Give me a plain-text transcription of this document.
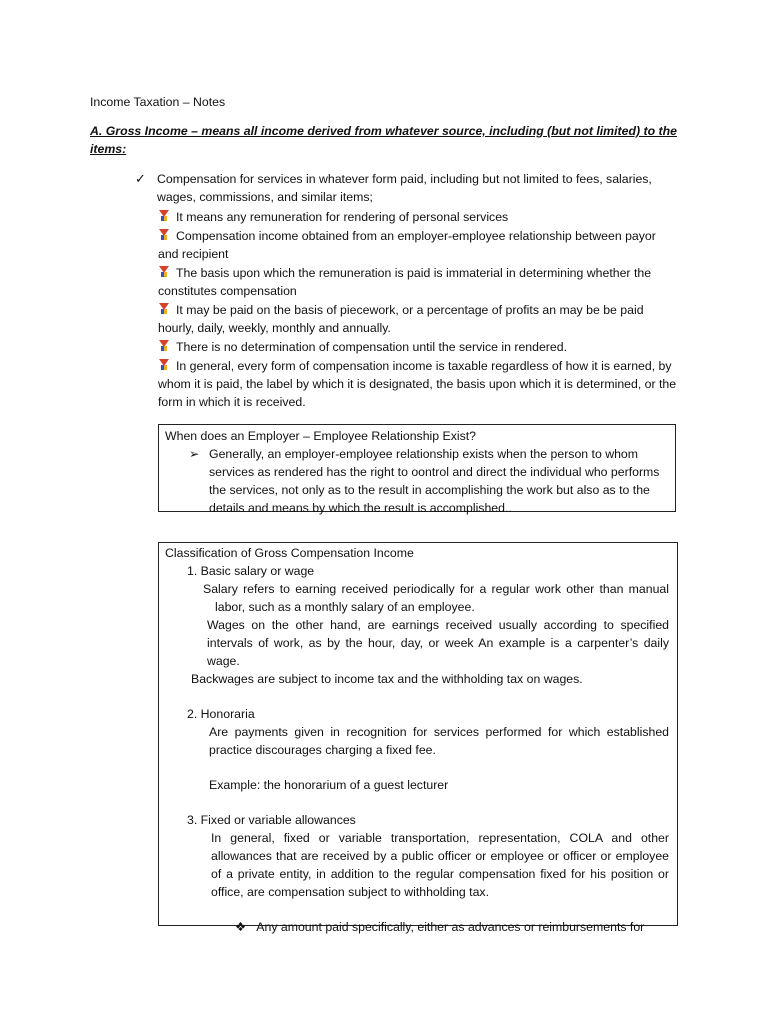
Income Taxation – Notes
A. Gross Income – means all income derived from whatever source, including (but not limited) to the items:
✓ Compensation for services in whatever form paid, including but not limited to fees, salaries, wages, commissions, and similar items;
It means any remuneration for rendering of personal services
Compensation income obtained from an employer-employee relationship between payor and recipient
The basis upon which the remuneration is paid is immaterial in determining whether the constitutes compensation
It may be paid on the basis of piecework, or a percentage of profits an may be be paid hourly, daily, weekly, monthly and annually.
There is no determination of compensation until the service in rendered.
In general, every form of compensation income is taxable regardless of how it is earned, by whom it is paid, the label by which it is designated, the basis upon which it is determined, or the form in which it is received.
When does an Employer – Employee Relationship Exist?
➢ Generally, an employer-employee relationship exists when the person to whom services as rendered has the right to oontrol and direct the individual who performs the services, not only as to the result in accomplishing the work but also as to the details and means by which the result is accomplished..
Classification of Gross Compensation Income
1. Basic salary or wage
Salary refers to earning received periodically for a regular work other than manual labor, such as a monthly salary of an employee.
Wages on the other hand, are earnings received usually according to specified intervals of work, as by the hour, day, or week An example is a carpenter’s daily wage.
Backwages are subject to income tax and the withholding tax on wages.
2. Honoraria
Are payments given in recognition for services performed for which established practice discourages charging a fixed fee.
Example: the honorarium of a guest lecturer
3. Fixed or variable allowances
In general, fixed or variable transportation, representation, COLA and other allowances that are received by a public officer or employee or officer or employee of a private entity, in addition to the regular compensation fixed for his position or office, are compensation subject to withholding tax.
❖ Any amount paid specifically, either as advances or reimbursements for
